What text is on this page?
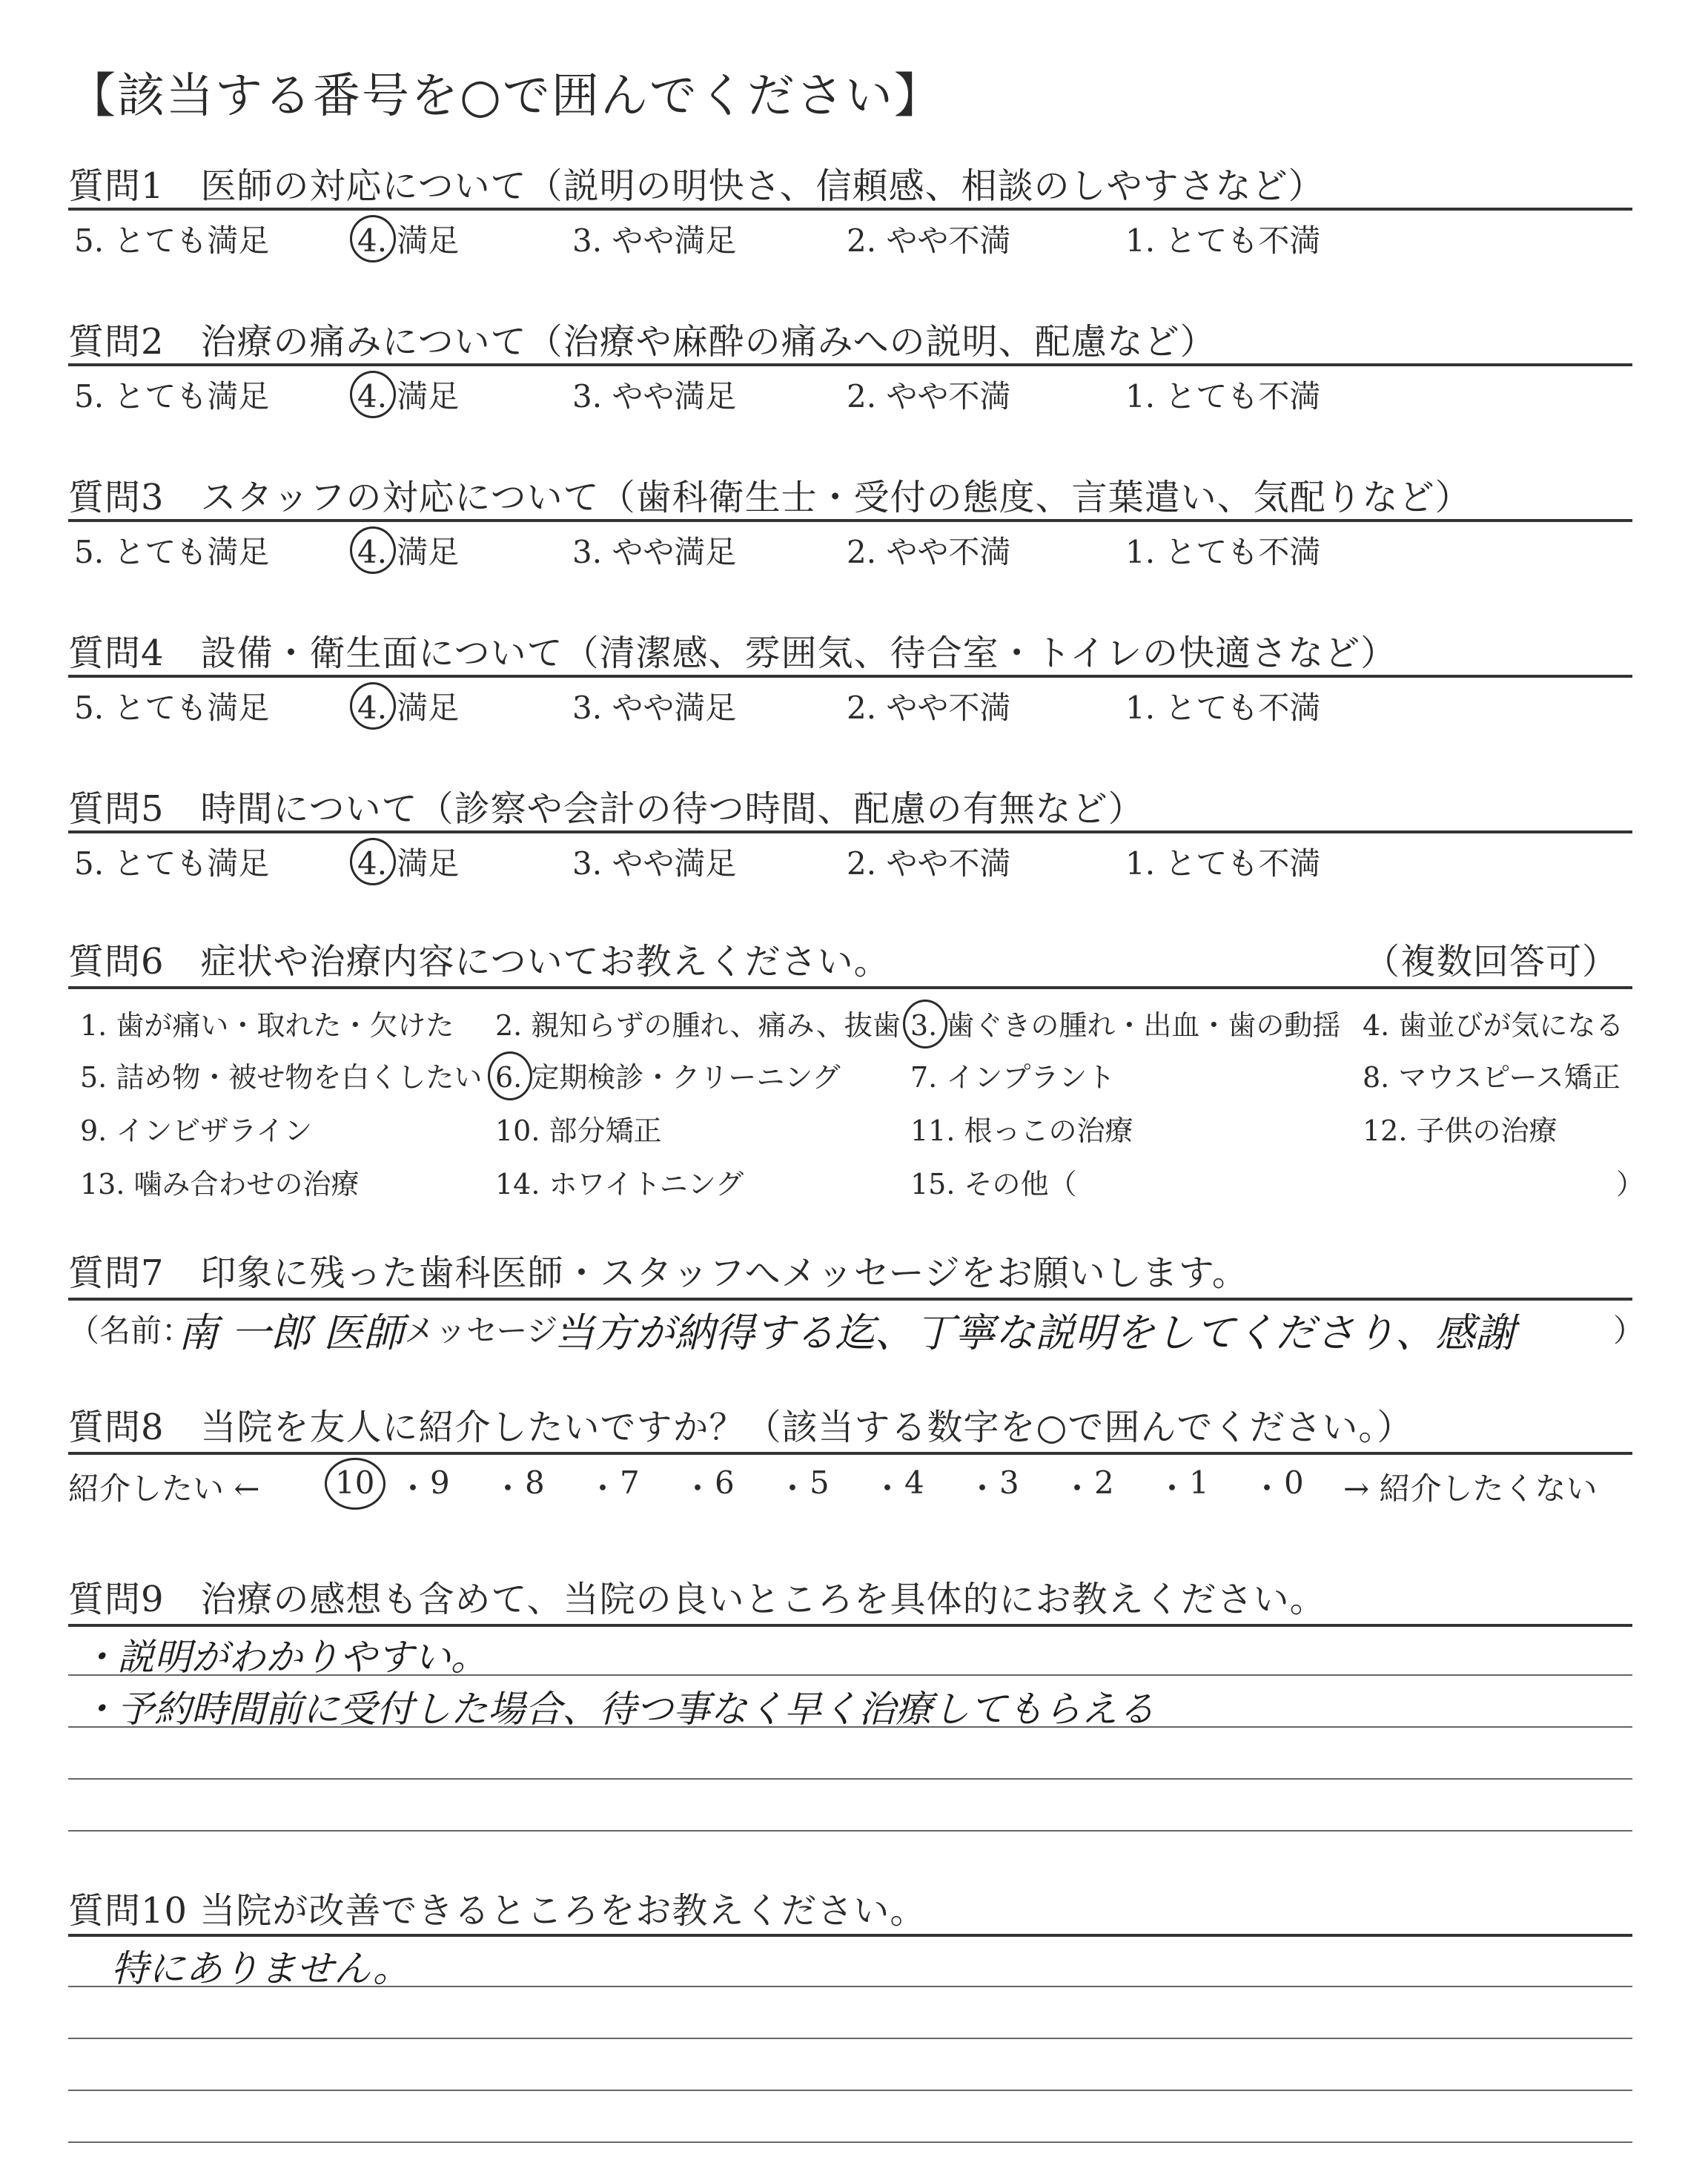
【該当する番号を○で囲んでください】
質問1　医師の対応について（説明の明快さ、信頼感、相談のしやすさなど）
5. とても満足	4. 満足	3. やや満足	2. やや不満	1. とても不満
質問2　治療の痛みについて（治療や麻酔の痛みへの説明、配慮など）
5. とても満足	4. 満足	3. やや満足	2. やや不満	1. とても不満
質問3　スタッフの対応について（歯科衛生士・受付の態度、言葉遣い、気配りなど）
5. とても満足	4. 満足	3. やや満足	2. やや不満	1. とても不満
質問4　設備・衛生面について（清潔感、雰囲気、待合室・トイレの快適さなど）
5. とても満足	4. 満足	3. やや満足	2. やや不満	1. とても不満
質問5　時間について（診察や会計の待つ時間、配慮の有無など）
5. とても満足	4. 満足	3. やや満足	2. やや不満	1. とても不満
質問6　症状や治療内容についてお教えください。	（複数回答可）
1. 歯が痛い・取れた・欠けた 2. 親知らずの腫れ、痛み、抜歯 3. 歯ぐきの腫れ・出血・歯の動揺 4. 歯並びが気になる
5. 詰め物・被せ物を白くしたい 6. 定期検診・クリーニング 7. インプラント	8. マウスピース矯正
9. インビザライン	10. 部分矯正	11. 根っこの治療	12. 子供の治療
13. 噛み合わせの治療	14. ホワイトニング	15. その他（	）
質問7　印象に残った歯科医師・スタッフへメッセージをお願いします。
（名前：
南 一郎 医師 メッセージ：
当方が納得する迄、丁寧な説明をしてくださり、感謝	）
質問8　当院を友人に紹介したいですか？（該当する数字を○で囲んでください。）
紹介したい ← 10 ・ 9 ・ 8 ・ 7 ・ 6 ・ 5 ・ 4 ・ 3 ・ 2 ・ 1 ・ 0 → 紹介したくない
質問9　治療の感想も含めて、当院の良いところを具体的にお教えください。
・説明がわかりやすい。
・予約時間前に受付した場合、待つ事なく早く治療してもらえる
質問10 当院が改善できるところをお教えください。
特にありません。
